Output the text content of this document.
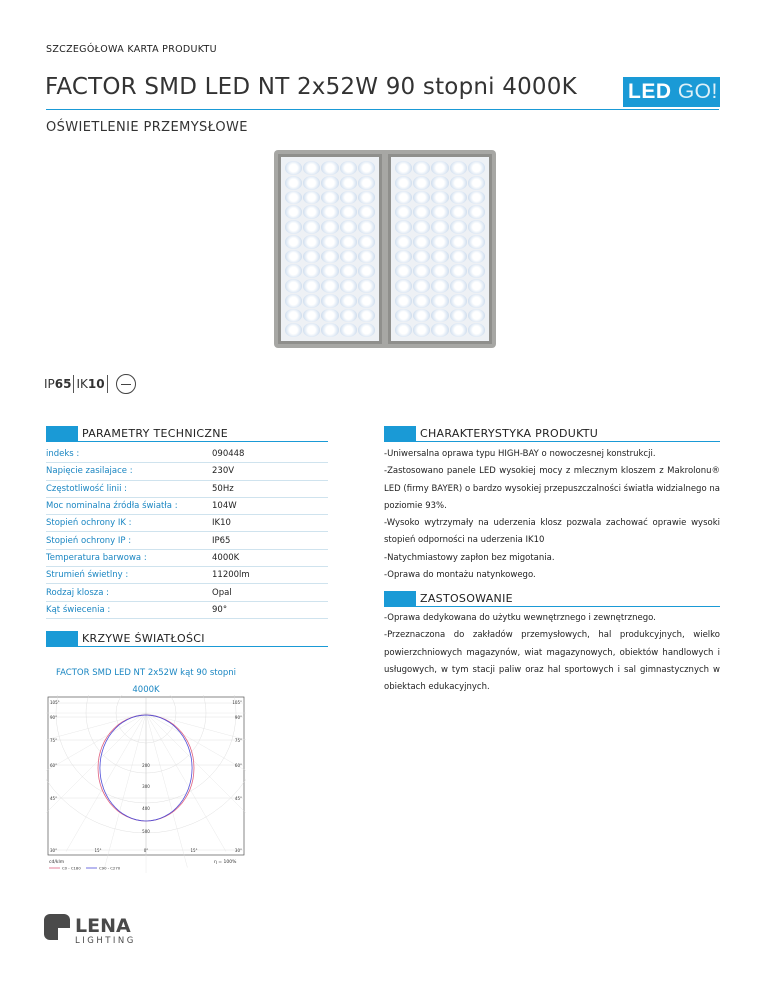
SZCZEGÓŁOWA KARTA PRODUKTU
FACTOR SMD LED NT 2x52W 90 stopni 4000K LED GO!
OŚWIETLENIE PRZEMYSŁOWE
IP 65 IK 10
PARAMETRY TECHNICZNE
indeks :	090448
Napięcie zasilajace :	230V
Częstotliwość linii :	50Hz
Moc nominalna źródła światła :	104W
Stopień ochrony IK :	IK10
Stopień ochrony IP :	IP65
Temperatura barwowa :	4000K
Strumień świetlny :	11200lm
Rodzaj klosza :	Opal
Kąt świecenia :	90°
CHARAKTERYSTYKA PRODUKTU
-Uniwersalna oprawa typu HIGH-BAY o nowoczesnej konstrukcji.
-Zastosowano panele LED wysokiej mocy z mlecznym kloszem z Makrolonu® LED (firmy BAYER) o bardzo wysokiej przepuszczalności światła widzialnego na poziomie 93%.
-Wysoko wytrzymały na uderzenia klosz pozwala zachować oprawie wysoki stopień odporności na uderzenia IK10
-Natychmiastowy zapłon bez migotania.
-Oprawa do montażu natynkowego.
ZASTOSOWANIE
-Oprawa dedykowana do użytku wewnętrznego i zewnętrznego.
-Przeznaczona do zakładów przemysłowych, hal produkcyjnych, wielko powierzchniowych magazynów, wiat magazynowych, obiektów handlowych i usługowych, w tym stacji paliw oraz hal sportowych i sal gimnastycznych w obiektach edukacyjnych.
KRZYWE ŚWIATŁOŚCI
FACTOR SMD LED NT 2x52W kąt 90 stopni 4000K
105°
90°
75°
60°
45°
30°
105°
90°
75°
60°
45°
30°
15°	0°	15°
200
300
400
500
cd/klm	η = 100%
C0 - C180	C90 - C270
LENA
LIGHTING
